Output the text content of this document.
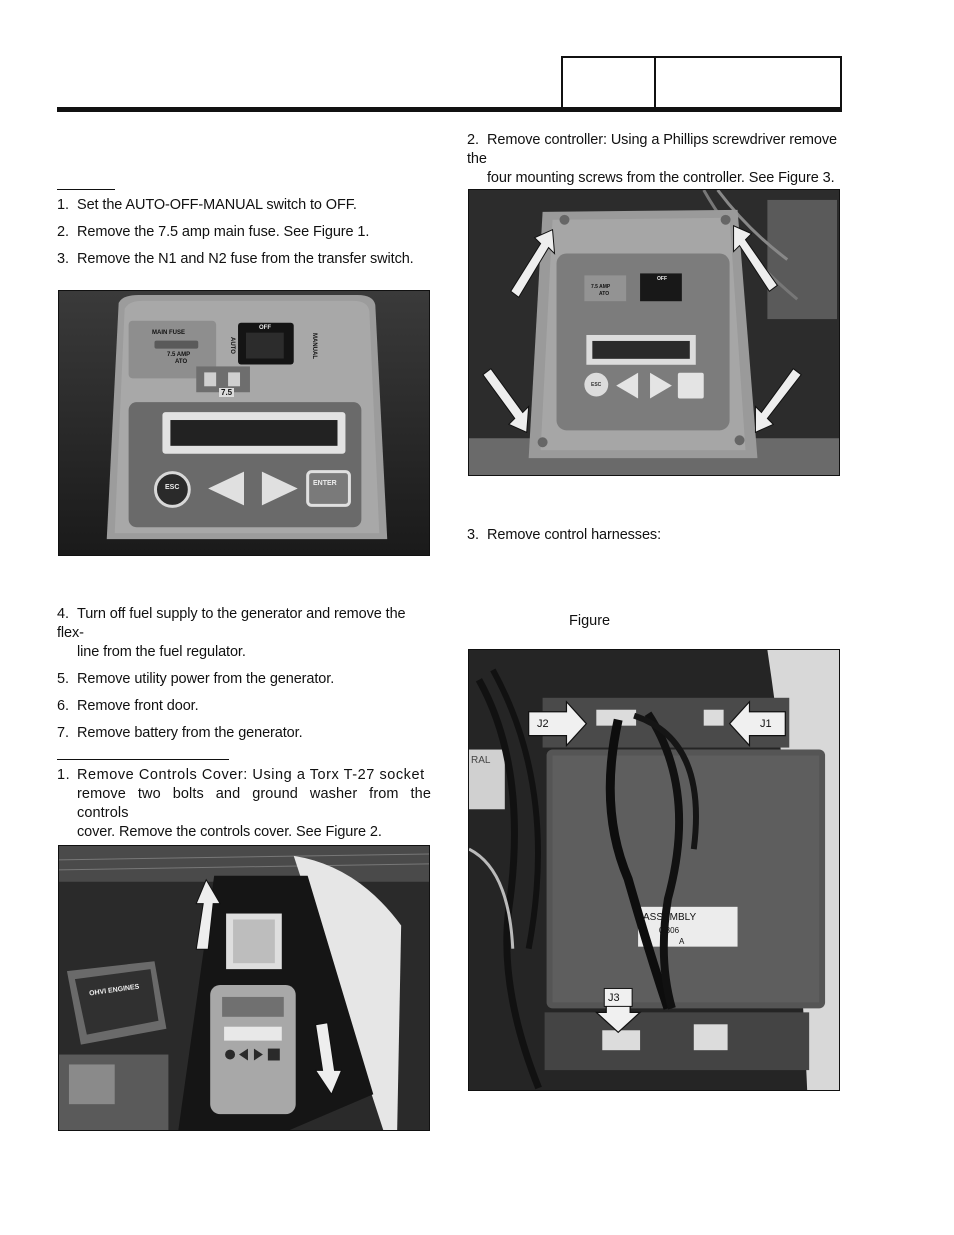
1. Set the AUTO-OFF-MANUAL switch to OFF.
2. Remove the 7.5 amp main fuse. See Figure 1.
3. Remove the N1 and N2 fuse from the transfer switch.
MAIN FUSE
7.5 AMP
ATO
OFF
MANUAL
AUTO
7.5
ESC
ENTER
4. Turn off fuel supply to the generator and remove the flex-
line from the fuel regulator.
5. Remove utility power from the generator.
6. Remove front door.
7. Remove battery from the generator.
1. Remove Controls Cover: Using a Torx T-27 socket
remove two bolts and ground washer from the controls
cover. Remove the controls cover. See Figure 2.
OHVI ENGINES
2. Remove controller: Using a Phillips screwdriver remove the
four mounting screws from the controller. See Figure 3.
7.5 AMP
ATO
OFF
ESC
3. Remove control harnesses:
Figure
J2	J1
J3
RAL
ASSEMBLY
0 806
A
